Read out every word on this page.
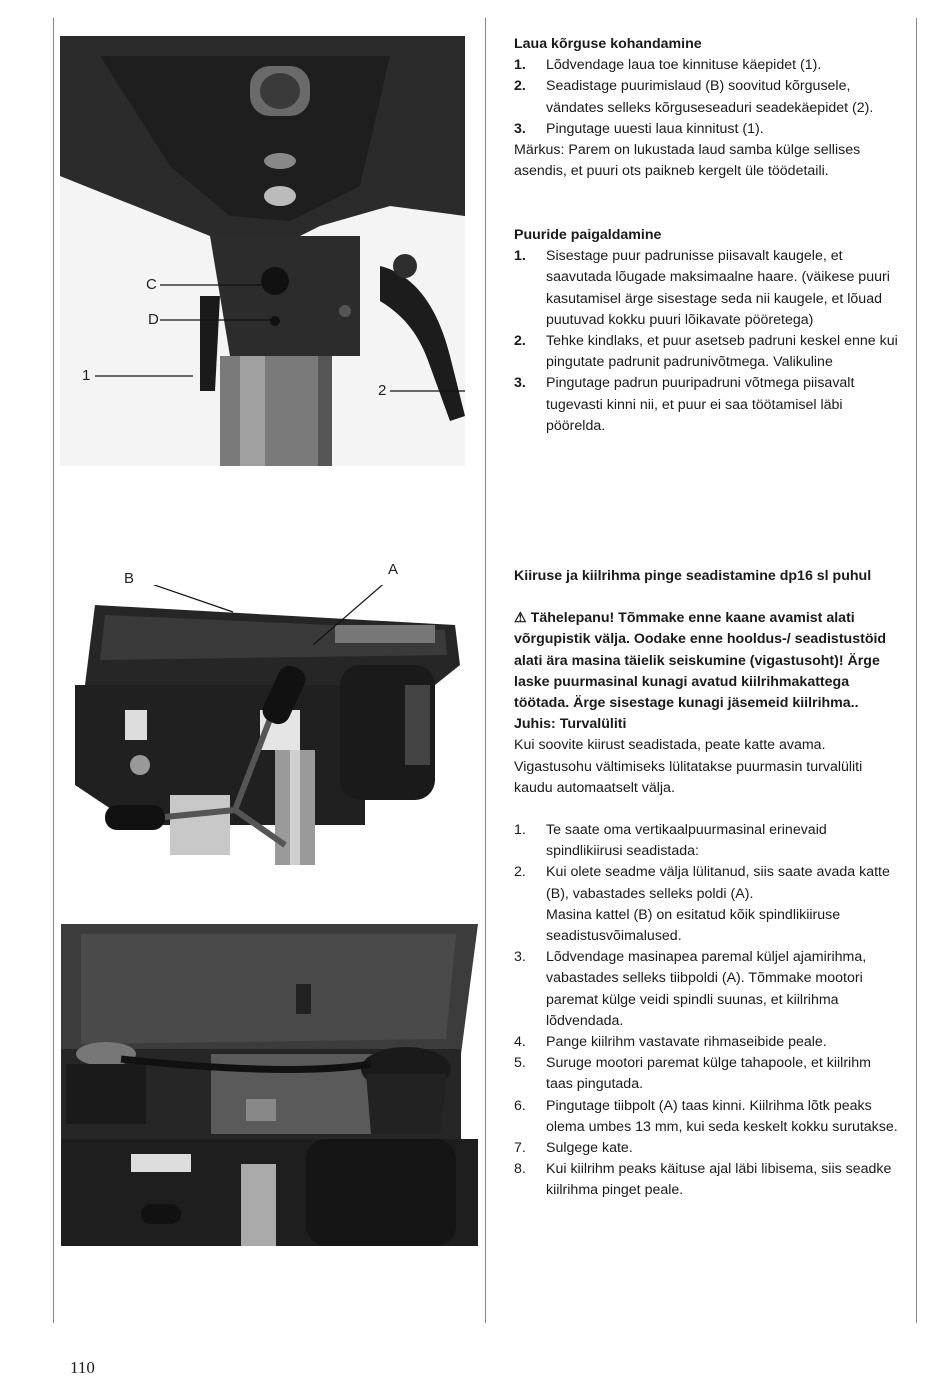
C
D
1
2
B
A
Laua kõrguse kohandamine
1. Lõdvendage laua toe kinnituse käepidet (1).
2. Seadistage puurimislaud (B) soovitud kõrgusele, vändates selleks kõrguseseaduri seadekäepidet (2).
3. Pingutage uuesti laua kinnitust (1).

Märkus: Parem on lukustada laud samba külge sellises asendis, et puuri ots paikneb kergelt üle töödetaili.

Puuride paigaldamine
1. Sisestage puur padrunisse piisavalt kaugele, et saavutada lõugade maksimaalne haare. (väikese puuri kasutamisel ärge sisestage seda nii kaugele, et lõuad puutuvad kokku puuri lõikavate pööretega)
2. Tehke kindlaks, et puur asetseb padruni keskel enne kui pingutate padrunit padrunivõtmega. Valikuline
3. Pingutage padrun puuripadruni võtmega piisavalt tugevasti kinni nii, et puur ei saa töötamisel läbi pöörelda.
Kiiruse ja kiilrihma pinge seadistamine dp16 sl puhul

⚠ Tähelepanu! Tõmmake enne kaane avamist alati võrgupistik välja. Oodake enne hooldus-/ seadistustöid alati ära masina täielik seiskumine (vigastusoht)! Ärge laske puurmasinal kunagi avatud kiilrihmakattega töötada. Ärge sisestage kunagi jäsemeid kiilrihma..

Juhis: Turvalüliti

Kui soovite kiirust seadistada, peate katte avama. Vigastusohu vältimiseks lülitatakse puurmasin turvalüliti kaudu automaatselt välja.

1. Te saate oma vertikaalpuurmasinal erinevaid spindlikiirusi seadistada:
2. Kui olete seadme välja lülitanud, siis saate avada katte (B), vabastades selleks poldi (A).
Masina kattel (B) on esitatud kõik spindlikiiruse seadistusvõimalused.
3. Lõdvendage masinapea paremal küljel ajamirihma, vabastades selleks tiibpoldi (A). Tõmmake mootori paremat külge veidi spindli suunas, et kiilrihma lõdvendada.
4. Pange kiilrihm vastavate rihmaseibide peale.
5. Suruge mootori paremat külge tahapoole, et kiilrihm taas pingutada.
6. Pingutage tiibpolt (A) taas kinni. Kiilrihma lõtk peaks olema umbes 13 mm, kui seda keskelt kokku surutakse.
7. Sulgege kate.
8. Kui kiilrihm peaks käituse ajal läbi libisema, siis seadke kiilrihma pinget peale.
110
